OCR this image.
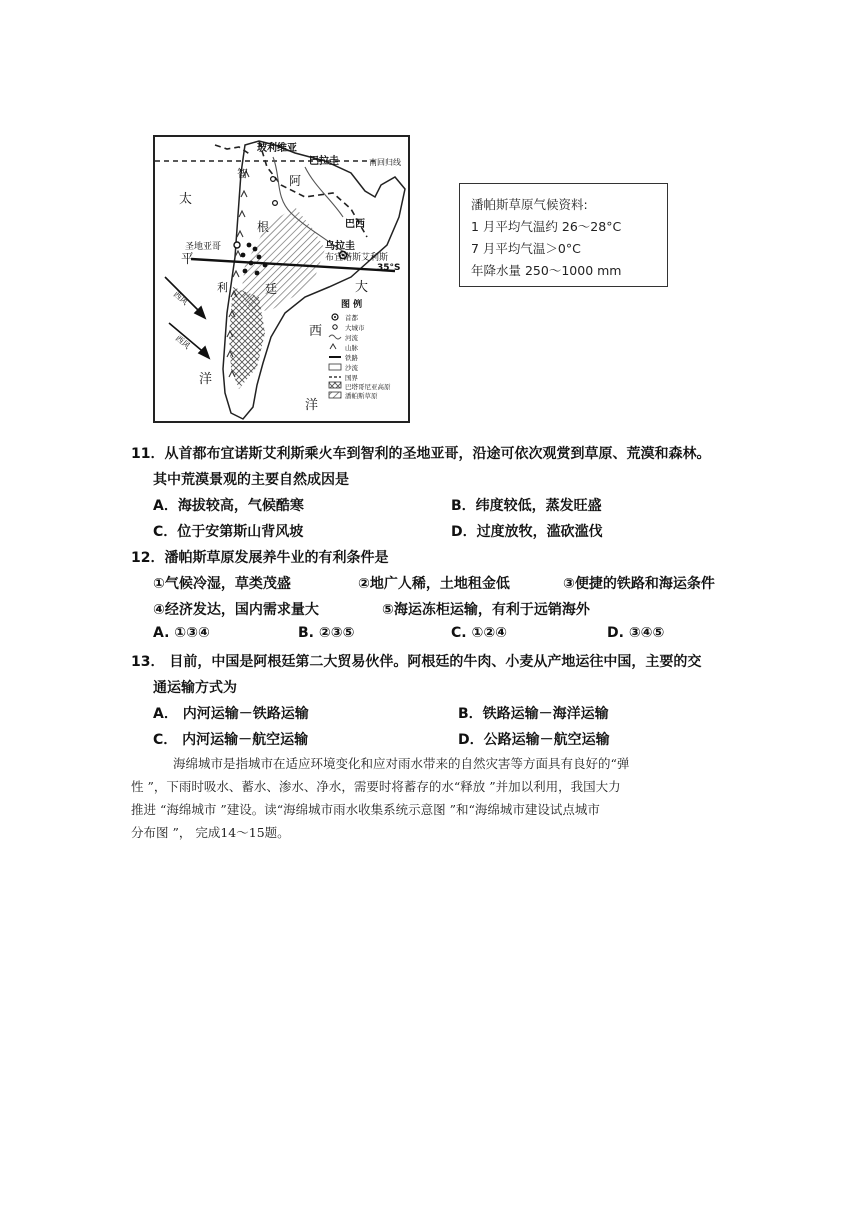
玻利维亚
巴拉圭	南回归线
太
平
洋
大
西
洋
阿
根
廷
智
利
巴西
圣地亚哥	乌拉圭
布宜诺斯艾利斯
35°S
西风
西风
图 例
首都
大城市
河流
山脉
铁路
沙流
国界
巴塔哥尼亚高原
潘帕斯草原
潘帕斯草原气候资料:
1 月平均气温约 26～28°C
7 月平均气温＞0°C
年降水量 250～1000 mm
11．从首都布宜诺斯艾利斯乘火车到智利的圣地亚哥，沿途可依次观赏到草原、荒漠和森林。
其中荒漠景观的主要自然成因是
A．海拔较高，气候酷寒	B．纬度较低，蒸发旺盛
C．位于安第斯山背风坡	D．过度放牧，滥砍滥伐
12．潘帕斯草原发展养牛业的有利条件是
①气候冷湿，草类茂盛	②地广人稀，土地租金低	③便捷的铁路和海运条件
④经济发达，国内需求量大	⑤海运冻柜运输，有利于远销海外
A. ①③④	B. ②③⑤	C. ①②④	D. ③④⑤
13． 目前，中国是阿根廷第二大贸易伙伴。阿根廷的牛肉、小麦从产地运往中国，主要的交
通运输方式为
A． 内河运输－铁路运输	B．铁路运输－海洋运输
C． 内河运输－航空运输	D．公路运输－航空运输
海绵城市是指城市在适应环境变化和应对雨水带来的自然灾害等方面具有良好的“弹
性 ”，下雨时吸水、蓄水、渗水、净水，需要时将蓄存的水“释放 ”并加以利用，我国大力
推进 “海绵城市 ”建设。读“海绵城市雨水收集系统示意图 ”和“海绵城市建设试点城市
分布图 ”， 完成14～15题。
